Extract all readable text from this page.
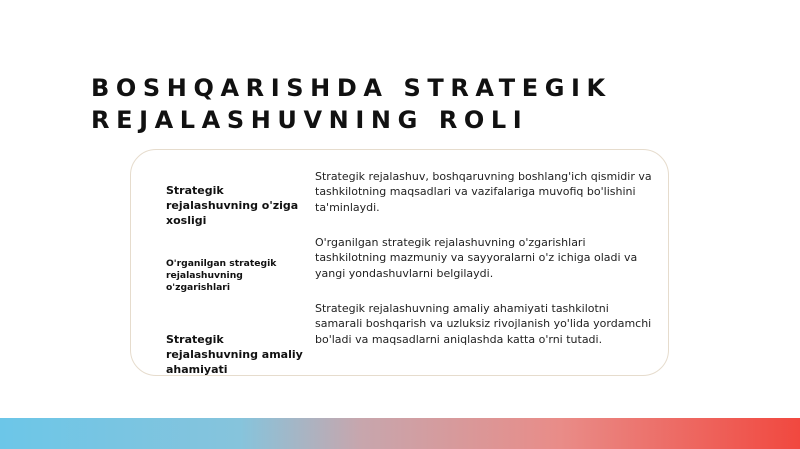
BOSHQARISHDA STRATEGIK
REJALASHUVNING ROLI

Strategik rejalashuvning o'ziga xosligi

Strategik rejalashuv, boshqaruvning boshlang'ich qismidir va tashkilotning maqsadlari va vazifalariga muvofiq bo'lishini ta'minlaydi.

O'rganilgan strategik rejalashuvning o'zgarishlari

O'rganilgan strategik rejalashuvning o'zgarishlari tashkilotning mazmuniy va sayyoralarni o'z ichiga oladi va yangi yondashuvlarni belgilaydi.

Strategik rejalashuvning amaliy ahamiyati

Strategik rejalashuvning amaliy ahamiyati tashkilotni samarali boshqarish va uzluksiz rivojlanish yo'lida yordamchi bo'ladi va maqsadlarni aniqlashda katta o'rni tutadi.
